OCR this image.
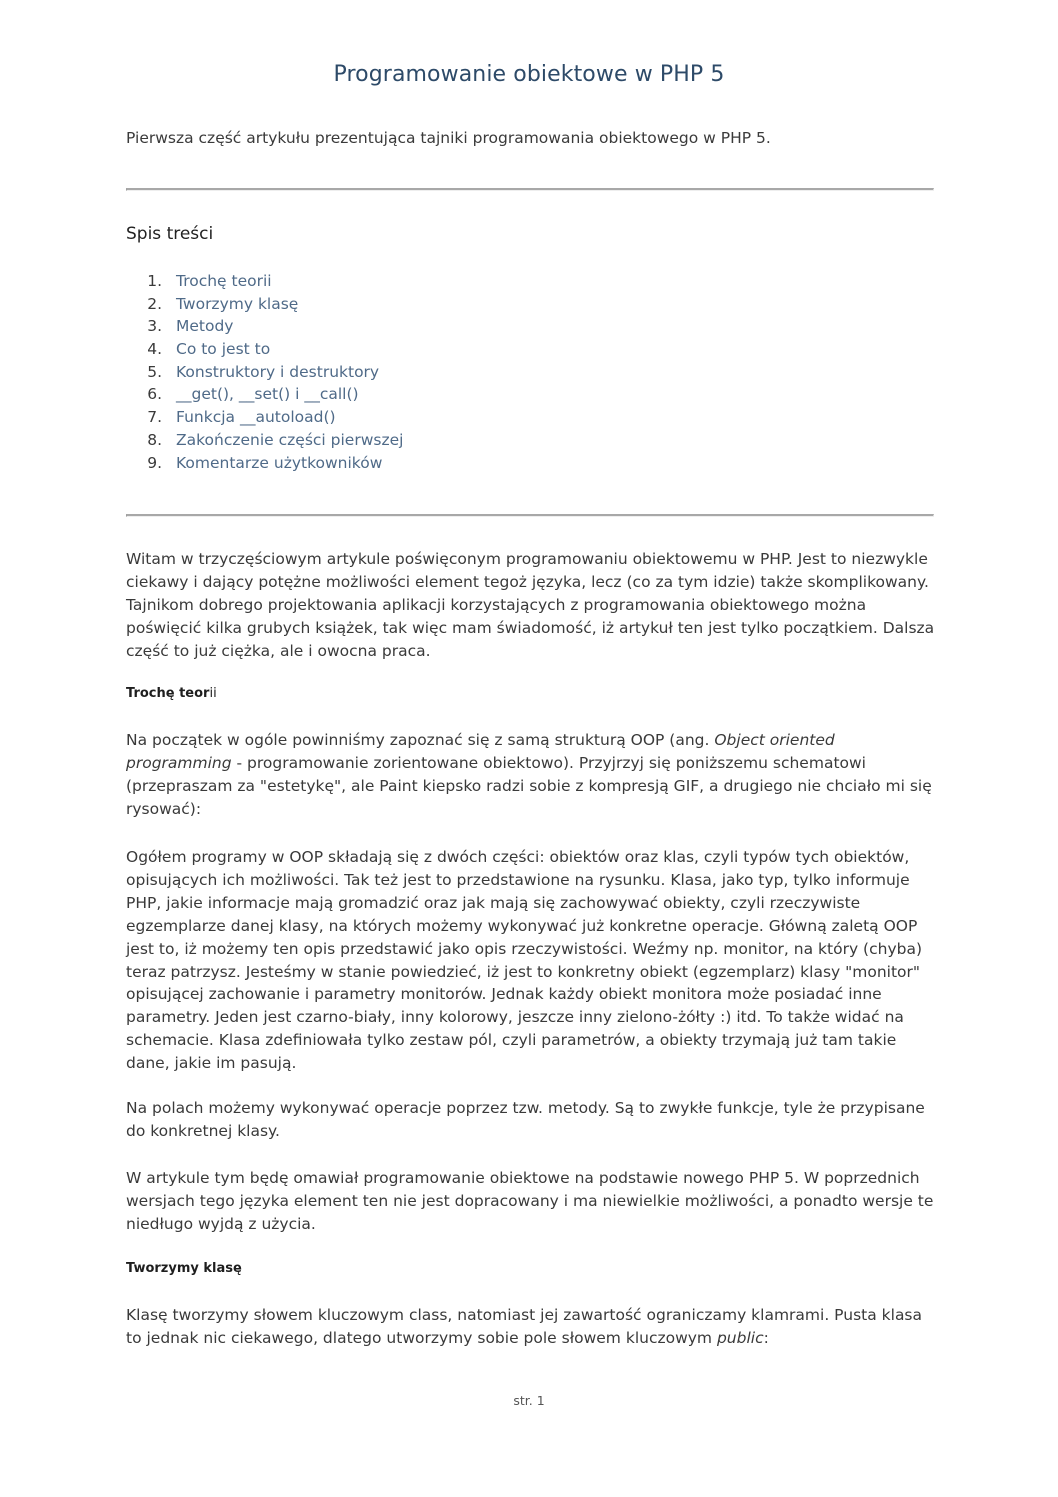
Programowanie obiektowe w PHP 5

Pierwsza część artykułu prezentująca tajniki programowania obiektowego w PHP 5.

Spis treści
1. Trochę teorii
2. Tworzymy klasę
3. Metody
4. Co to jest to
5. Konstruktory i destruktory
6. __get(), __set() i __call()
7. Funkcja __autoload()
8. Zakończenie części pierwszej
9. Komentarze użytkowników

Witam w trzyczęściowym artykule poświęconym programowaniu obiektowemu w PHP. Jest to niezwykle ciekawy i dający potężne możliwości element tegoż języka, lecz (co za tym idzie) także skomplikowany. Tajnikom dobrego projektowania aplikacji korzystających z programowania obiektowego można poświęcić kilka grubych książek, tak więc mam świadomość, iż artykuł ten jest tylko początkiem. Dalsza część to już ciężka, ale i owocna praca.

Trochę teorii

Na początek w ogóle powinniśmy zapoznać się z samą strukturą OOP (ang. Object oriented programming - programowanie zorientowane obiektowo). Przyjrzyj się poniższemu schematowi (przepraszam za "estetykę", ale Paint kiepsko radzi sobie z kompresją GIF, a drugiego nie chciało mi się rysować):

Ogółem programy w OOP składają się z dwóch części: obiektów oraz klas, czyli typów tych obiektów, opisujących ich możliwości. Tak też jest to przedstawione na rysunku. Klasa, jako typ, tylko informuje PHP, jakie informacje mają gromadzić oraz jak mają się zachowywać obiekty, czyli rzeczywiste egzemplarze danej klasy, na których możemy wykonywać już konkretne operacje. Główną zaletą OOP jest to, iż możemy ten opis przedstawić jako opis rzeczywistości. Weźmy np. monitor, na który (chyba) teraz patrzysz. Jesteśmy w stanie powiedzieć, iż jest to konkretny obiekt (egzemplarz) klasy "monitor" opisującej zachowanie i parametry monitorów. Jednak każdy obiekt monitora może posiadać inne parametry. Jeden jest czarno-biały, inny kolorowy, jeszcze inny zielono-żółty :) itd. To także widać na schemacie. Klasa zdefiniowała tylko zestaw pól, czyli parametrów, a obiekty trzymają już tam takie dane, jakie im pasują.

Na polach możemy wykonywać operacje poprzez tzw. metody. Są to zwykłe funkcje, tyle że przypisane do konkretnej klasy.

W artykule tym będę omawiał programowanie obiektowe na podstawie nowego PHP 5. W poprzednich wersjach tego języka element ten nie jest dopracowany i ma niewielkie możliwości, a ponadto wersje te niedługo wyjdą z użycia.

Tworzymy klasę

Klasę tworzymy słowem kluczowym class, natomiast jej zawartość ograniczamy klamrami. Pusta klasa to jednak nic ciekawego, dlatego utworzymy sobie pole słowem kluczowym public:

str. 1
